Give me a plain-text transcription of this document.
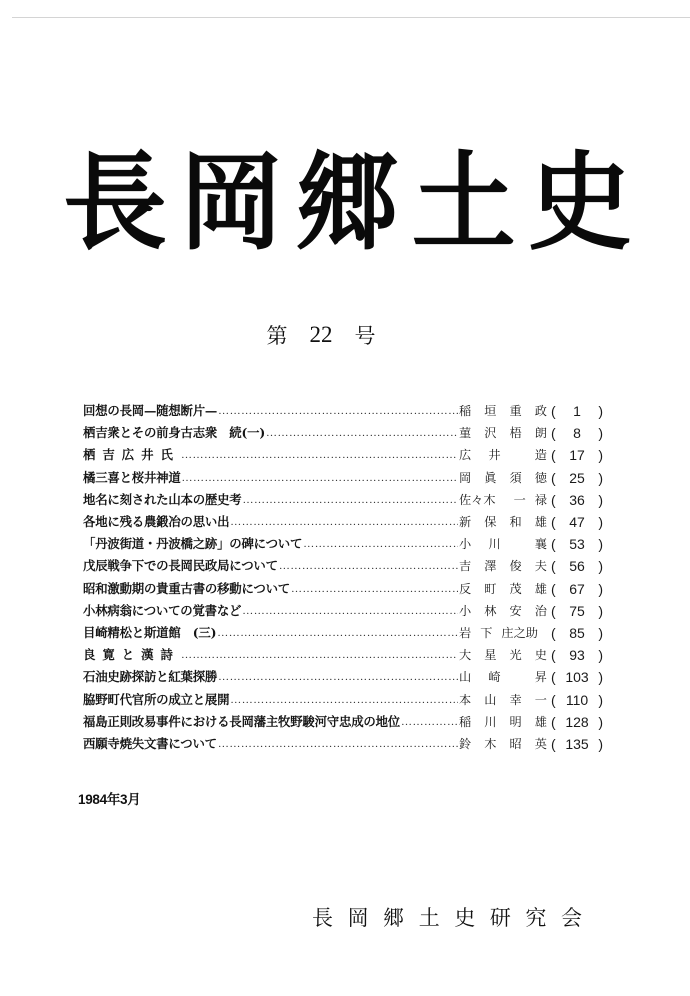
長 岡 郷 土 史
第 22	号
回想の長岡—随想断片— ……………………………………………………………………………………………………………………	稲 垣 重 政 (	1	)
栖吉衆とその前身古志衆　続(一) ……………………………………………………………………………………………………………………	菫 沢 梧 朗 (	8	)
栖吉広井氏 ……………………………………………………………………………………………………………………	広 井	造 ( 17 )
橘三喜と桜井神道 ……………………………………………………………………………………………………………………	岡 眞 須 徳 ( 25 )
地名に刻された山本の歴史考 ……………………………………………………………………………………………………………………	佐々木 一 禄 ( 36 )
各地に残る農鍛冶の思い出 ……………………………………………………………………………………………………………………	新 保 和 雄 ( 47 )
「丹波街道・丹波橋之跡」の碑について ……………………………………………………………………………………………………………………	小 川	襄 ( 53 )
戊辰戦争下での長岡民政局について ……………………………………………………………………………………………………………………	吉 澤 俊 夫 ( 56 )
昭和激動期の貴重古書の移動について ……………………………………………………………………………………………………………………	反 町 茂 雄 ( 67 )
小林病翁についての覚書など ……………………………………………………………………………………………………………………	小 林 安 治 ( 75 )
目崎精松と斯道館　(三) ……………………………………………………………………………………………………………………	岩 下 庄之助 ( 85 )
良寛と漢詩 ……………………………………………………………………………………………………………………	大 星 光 史 ( 93 )
石油史跡探訪と紅葉探勝 ……………………………………………………………………………………………………………………	山 崎	昇 ( 103 )
脇野町代官所の成立と展開 ……………………………………………………………………………………………………………………	本 山 幸 一 ( 110 )
福島正則改易事件における長岡藩主牧野駿河守忠成の地位 ……………………………………………………………………………………………………………………	稲 川 明 雄 ( 128 )
西願寺焼失文書について ……………………………………………………………………………………………………………………	鈴 木 昭 英 ( 135 )
1984年3月
長 岡 郷 土 史 研 究 会
